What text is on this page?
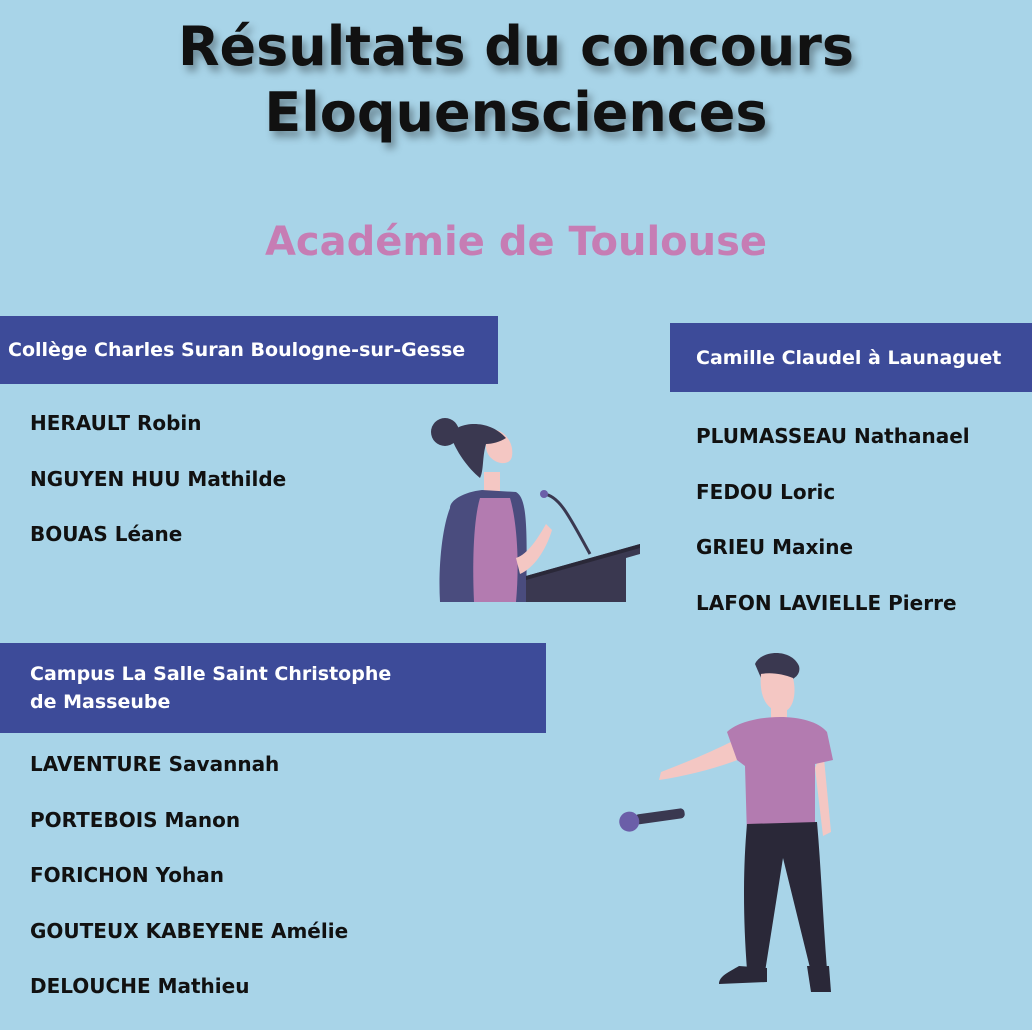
Résultats du concours
Eloquensciences
Académie de Toulouse
Collège Charles Suran Boulogne-sur-Gesse
HERAULT Robin
NGUYEN HUU Mathilde
BOUAS Léane
Camille Claudel à Launaguet
PLUMASSEAU Nathanael
FEDOU Loric
GRIEU Maxine
LAFON LAVIELLE Pierre
Campus La Salle Saint Christophe
de Masseube
LAVENTURE Savannah
PORTEBOIS Manon
FORICHON Yohan
GOUTEUX KABEYENE Amélie
DELOUCHE Mathieu
